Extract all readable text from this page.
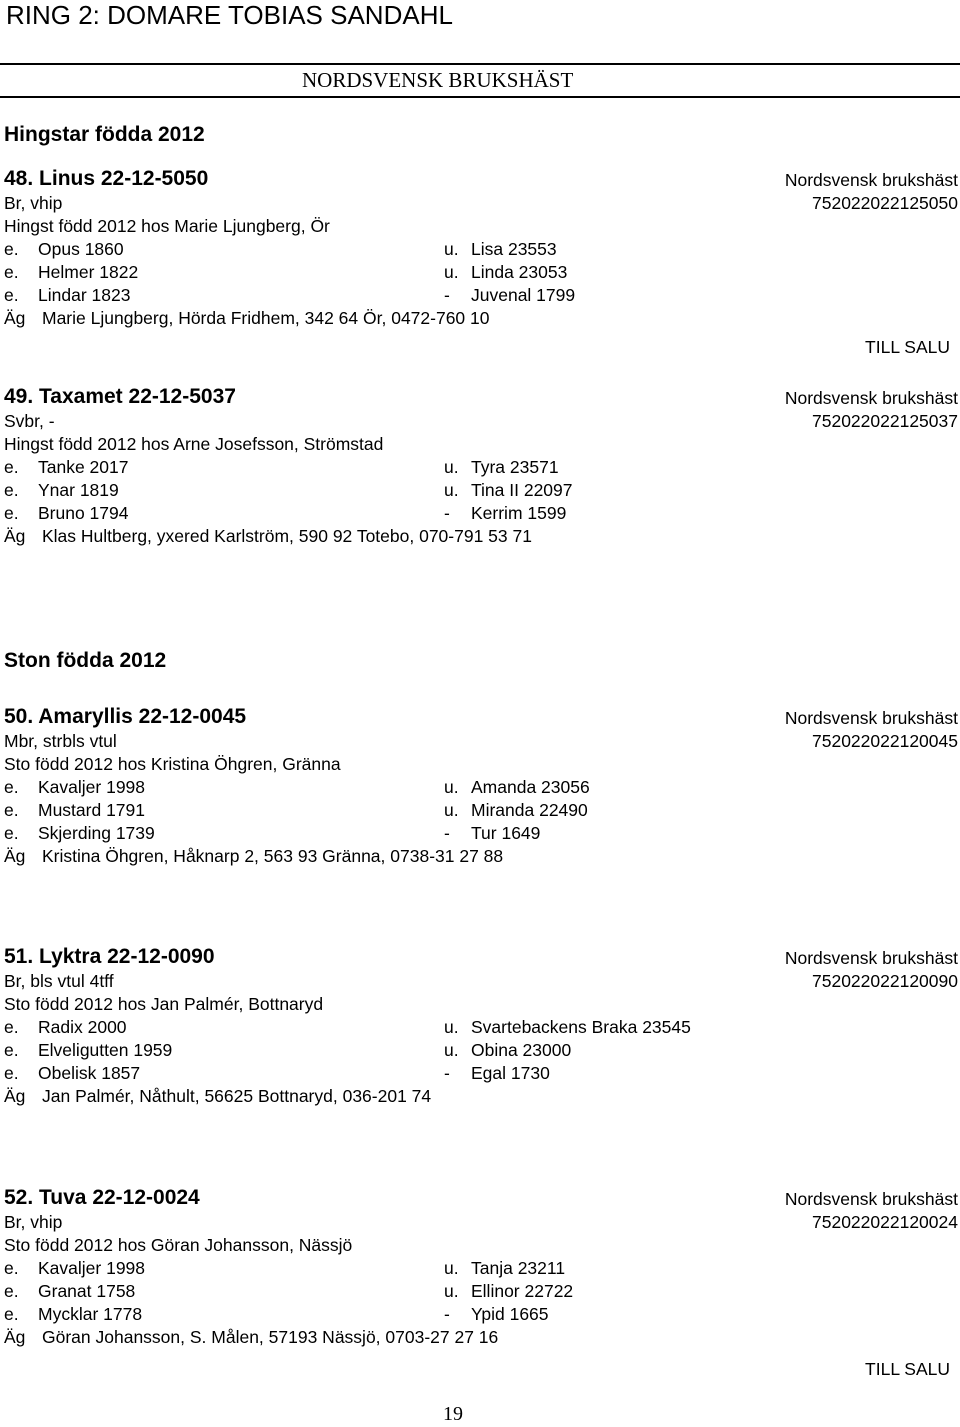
RING 2: DOMARE TOBIAS SANDAHL
NORDSVENSK BRUKSHÄST
Hingstar födda 2012
Ston födda 2012
48. Linus 22-12-5050	Nordsvensk brukshäst
Br, vhip	752022022125050
Hingst född 2012 hos Marie Ljungberg, Ör
e. Opus 1860	u. Lisa 23553
e. Helmer 1822	u. Linda 23053
e. Lindar 1823	- Juvenal 1799
Äg Marie Ljungberg, Hörda Fridhem, 342 64 Ör, 0472-760 10
TILL SALU
49. Taxamet 22-12-5037	Nordsvensk brukshäst
Svbr, -	752022022125037
Hingst född 2012 hos Arne Josefsson, Strömstad
e. Tanke 2017	u. Tyra 23571
e. Ynar 1819	u. Tina II 22097
e. Bruno 1794	- Kerrim 1599
Äg Klas Hultberg, yxered Karlström, 590 92 Totebo, 070-791 53 71
50. Amaryllis 22-12-0045	Nordsvensk brukshäst
Mbr, strbls vtul	752022022120045
Sto född 2012 hos Kristina Öhgren, Gränna
e. Kavaljer 1998	u. Amanda 23056
e. Mustard 1791	u. Miranda 22490
e. Skjerding 1739	- Tur 1649
Äg Kristina Öhgren, Håknarp 2, 563 93 Gränna, 0738-31 27 88
51. Lyktra 22-12-0090	Nordsvensk brukshäst
Br, bls vtul 4tff	752022022120090
Sto född 2012 hos Jan Palmér, Bottnaryd
e. Radix 2000	u. Svartebackens Braka 23545
e. Elveligutten 1959	u. Obina 23000
e. Obelisk 1857	- Egal 1730
Äg Jan Palmér, Nåthult, 56625 Bottnaryd, 036-201 74
52. Tuva 22-12-0024	Nordsvensk brukshäst
Br, vhip	752022022120024
Sto född 2012 hos Göran Johansson, Nässjö
e. Kavaljer 1998	u. Tanja 23211
e. Granat 1758	u. Ellinor 22722
e. Mycklar 1778	- Ypid 1665
Äg Göran Johansson, S. Målen, 57193 Nässjö, 0703-27 27 16
TILL SALU
19
